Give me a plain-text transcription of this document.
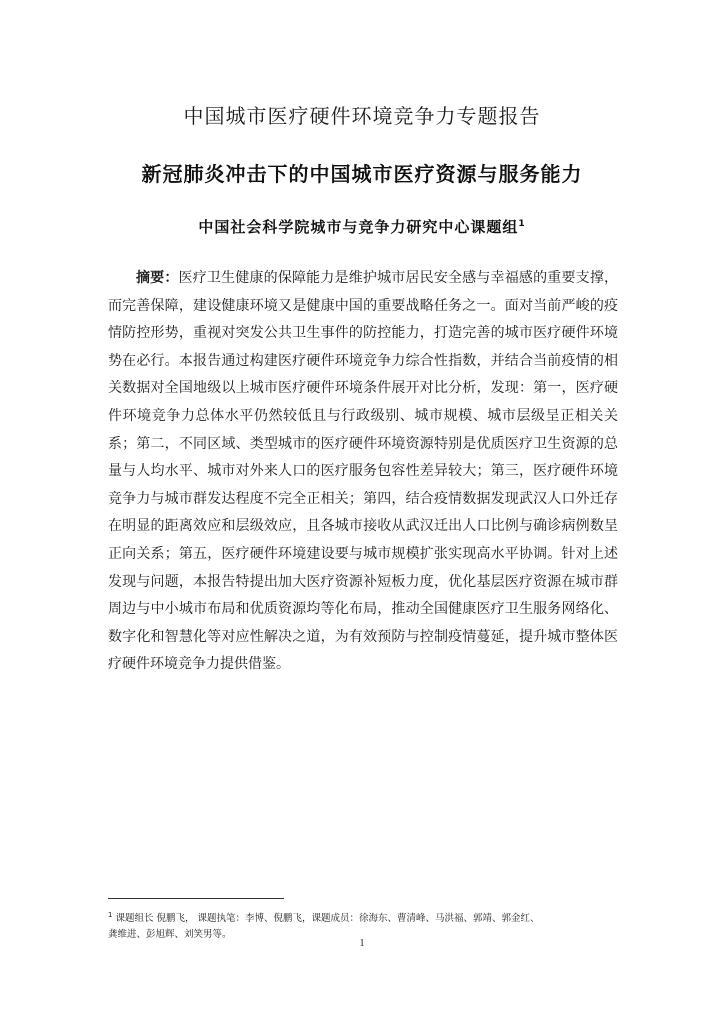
中国城市医疗硬件环境竞争力专题报告
新冠肺炎冲击下的中国城市医疗资源与服务能力
中国社会科学院城市与竞争力研究中心课题组$^1$
摘要：医疗卫生健康的保障能力是维护城市居民安全感与幸福感的重要支撑，而完善保障，建设健康环境又是健康中国的重要战略任务之一。面对当前严峻的疫情防控形势，重视对突发公共卫生事件的防控能力，打造完善的城市医疗硬件环境势在必行。本报告通过构建医疗硬件环境竞争力综合性指数，并结合当前疫情的相关数据对全国地级以上城市医疗硬件环境条件展开对比分析，发现：第一，医疗硬件环境竞争力总体水平仍然较低且与行政级别、城市规模、城市层级呈正相关关系；第二，不同区域、类型城市的医疗硬件环境资源特别是优质医疗卫生资源的总量与人均水平、城市对外来人口的医疗服务包容性差异较大；第三，医疗硬件环境竞争力与城市群发达程度不完全正相关；第四，结合疫情数据发现武汉人口外迁存在明显的距离效应和层级效应，且各城市接收从武汉迁出人口比例与确诊病例数呈正向关系；第五，医疗硬件环境建设要与城市规模扩张实现高水平协调。针对上述发现与问题，本报告特提出加大医疗资源补短板力度，优化基层医疗资源在城市群周边与中小城市布局和优质资源均等化布局，推动全国健康医疗卫生服务网络化、数字化和智慧化等对应性解决之道，为有效预防与控制疫情蔓延，提升城市整体医疗硬件环境竞争力提供借鉴。
$^1$ 课题组长 倪鹏飞， 课题执笔：李博、倪鹏飞，课题成员：徐海东、曹清峰、马洪福、郭靖、郭金红、
龚维进、彭旭辉、刘笑男等。
1
